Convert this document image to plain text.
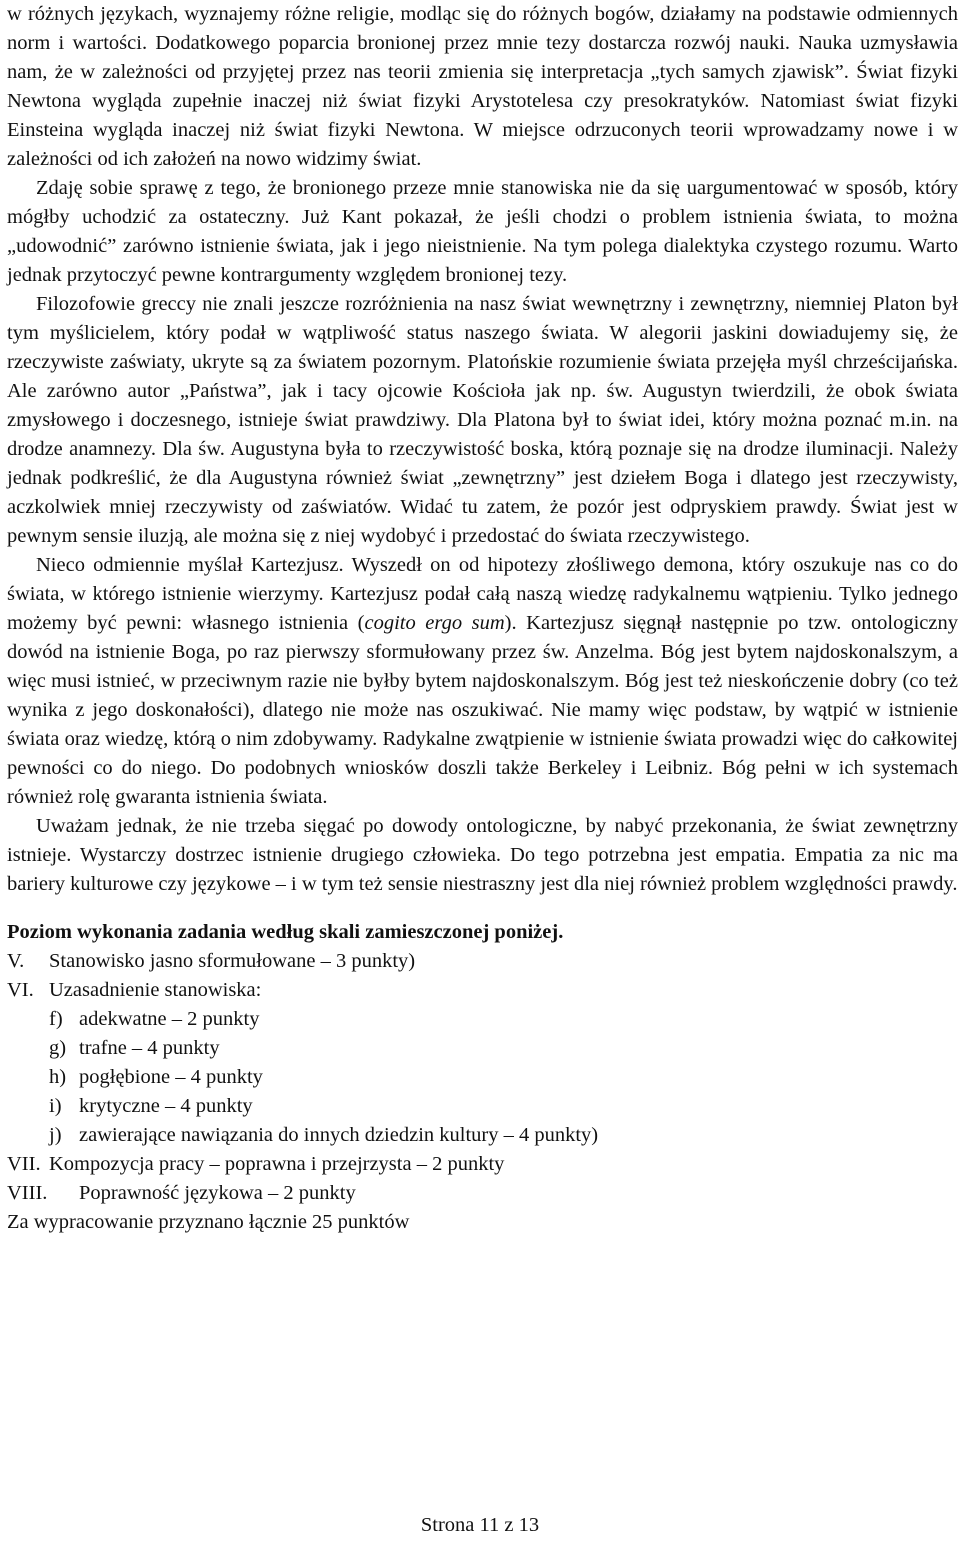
w różnych językach, wyznajemy różne religie, modląc się do różnych bogów, działamy na podstawie odmiennych norm i wartości. Dodatkowego poparcia bronionej przez mnie tezy dostarcza rozwój nauki. Nauka uzmysławia nam, że w zależności od przyjętej przez nas teorii zmienia się interpretacja „tych samych zjawisk”. Świat fizyki Newtona wygląda zupełnie inaczej niż świat fizyki Arystotelesa czy presokratyków. Natomiast świat fizyki Einsteina wygląda inaczej niż świat fizyki Newtona. W miejsce odrzuconych teorii wprowadzamy nowe i w zależności od ich założeń na nowo widzimy świat.

Zdaję sobie sprawę z tego, że bronionego przeze mnie stanowiska nie da się uargumentować w sposób, który mógłby uchodzić za ostateczny. Już Kant pokazał, że jeśli chodzi o problem istnienia świata, to można „udowodnić” zarówno istnienie świata, jak i jego nieistnienie. Na tym polega dialektyka czystego rozumu. Warto jednak przytoczyć pewne kontrargumenty względem bronionej tezy.

Filozofowie greccy nie znali jeszcze rozróżnienia na nasz świat wewnętrzny i zewnętrzny, niemniej Platon był tym myślicielem, który podał w wątpliwość status naszego świata. W alegorii jaskini dowiadujemy się, że rzeczywiste zaświaty, ukryte są za światem pozornym. Platońskie rozumienie świata przejęła myśl chrześcijańska. Ale zarówno autor „Państwa”, jak i tacy ojcowie Kościoła jak np. św. Augustyn twierdzili, że obok świata zmysłowego i doczesnego, istnieje świat prawdziwy. Dla Platona był to świat idei, który można poznać m.in. na drodze anamnezy. Dla św. Augustyna była to rzeczywistość boska, którą poznaje się na drodze iluminacji. Należy jednak podkreślić, że dla Augustyna również świat „zewnętrzny” jest dziełem Boga i dlatego jest rzeczywisty, aczkolwiek mniej rzeczywisty od zaświatów. Widać tu zatem, że pozór jest odpryskiem prawdy. Świat jest w pewnym sensie iluzją, ale można się z niej wydobyć i przedostać do świata rzeczywistego.

Nieco odmiennie myślał Kartezjusz. Wyszedł on od hipotezy złośliwego demona, który oszukuje nas co do świata, w którego istnienie wierzymy. Kartezjusz podał całą naszą wiedzę radykalnemu wątpieniu. Tylko jednego możemy być pewni: własnego istnienia (cogito ergo sum). Kartezjusz sięgnął następnie po tzw. ontologiczny dowód na istnienie Boga, po raz pierwszy sformułowany przez św. Anzelma. Bóg jest bytem najdoskonalszym, a więc musi istnieć, w przeciwnym razie nie byłby bytem najdoskonalszym. Bóg jest też nieskończenie dobry (co też wynika z jego doskonałości), dlatego nie może nas oszukiwać. Nie mamy więc podstaw, by wątpić w istnienie świata oraz wiedzę, którą o nim zdobywamy. Radykalne zwątpienie w istnienie świata prowadzi więc do całkowitej pewności co do niego. Do podobnych wniosków doszli także Berkeley i Leibniz. Bóg pełni w ich systemach również rolę gwaranta istnienia świata.

Uważam jednak, że nie trzeba sięgać po dowody ontologiczne, by nabyć przekonania, że świat zewnętrzny istnieje. Wystarczy dostrzec istnienie drugiego człowieka. Do tego potrzebna jest empatia. Empatia za nic ma bariery kulturowe czy językowe – i w tym też sensie niestraszny jest dla niej również problem względności prawdy.

Poziom wykonania zadania według skali zamieszczonej poniżej.

V. Stanowisko jasno sformułowane – 3 punkty)
VI. Uzasadnienie stanowiska:
f) adekwatne – 2 punkty
g) trafne – 4 punkty
h) pogłębione – 4 punkty
i) krytyczne – 4 punkty
j) zawierające nawiązania do innych dziedzin kultury – 4 punkty)
VII. Kompozycja pracy – poprawna i przejrzysta – 2 punkty
VIII. Poprawność językowa – 2 punkty

Za wypracowanie przyznano łącznie 25 punktów

Strona 11 z 13
